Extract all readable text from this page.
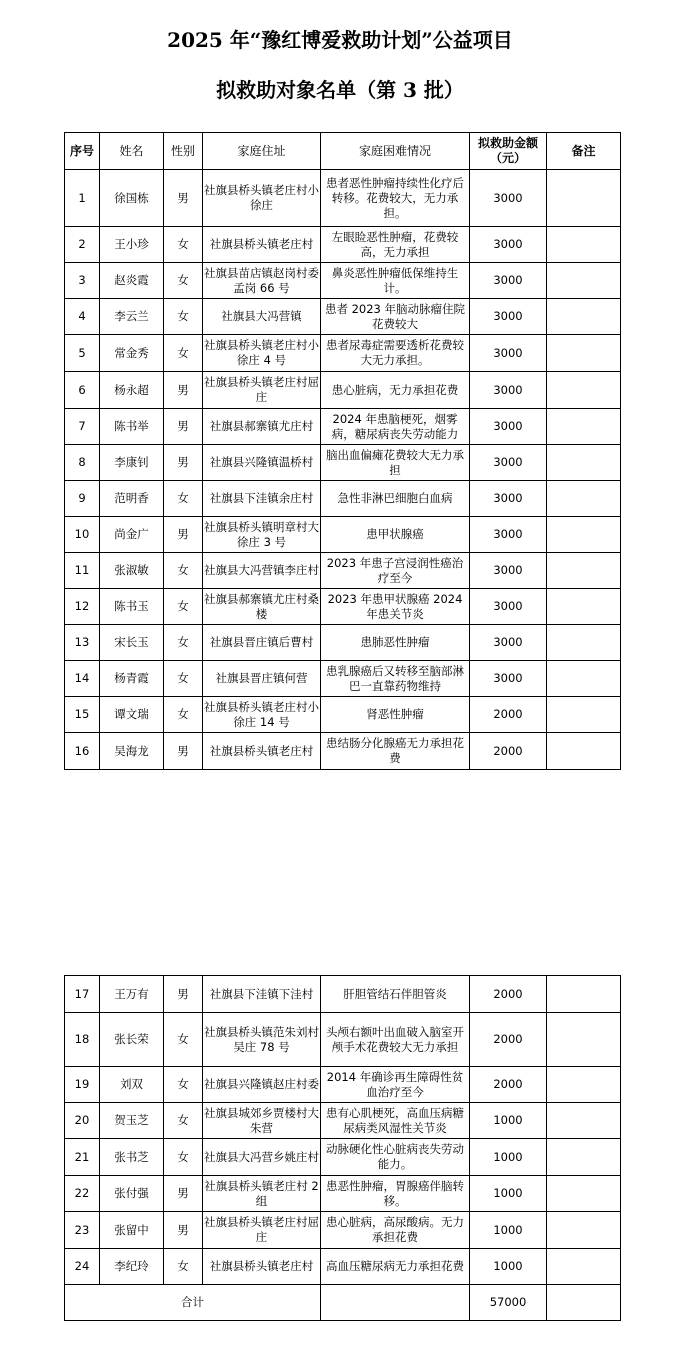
2025 年“豫红博爱救助计划”公益项目
拟救助对象名单（第 3 批）
序号	姓名	性别	家庭住址	家庭困难情况	拟救助金额（元）	备注
1	徐国栋	男	社旗县桥头镇老庄村小徐庄	患者恶性肿瘤持续性化疗后转移。花费较大，无力承担。	3000	
2	王小珍	女	社旗县桥头镇老庄村	左眼睑恶性肿瘤，花费较高，无力承担	3000	
3	赵炎霞	女	社旗县苗店镇赵岗村委孟岗 66 号	鼻炎恶性肿瘤低保维持生计。	3000	
4	李云兰	女	社旗县大冯营镇	患者 2023 年脑动脉瘤住院花费较大	3000	
5	常金秀	女	社旗县桥头镇老庄村小徐庄 4 号	患者尿毒症需要透析花费较大无力承担。	3000	
6	杨永超	男	社旗县桥头镇老庄村屈庄	患心脏病，无力承担花费	3000	
7	陈书举	男	社旗县郝寨镇尤庄村	2024 年患脑梗死，烟雾病，糖尿病丧失劳动能力	3000	
8	李康钊	男	社旗县兴隆镇温桥村	脑出血偏瘫花费较大无力承担	3000	
9	范明香	女	社旗县下洼镇余庄村	急性非淋巴细胞白血病	3000	
10	尚金广	男	社旗县桥头镇明章村大徐庄 3 号	患甲状腺癌	3000	
11	张淑敏	女	社旗县大冯营镇李庄村	2023 年患子宫浸润性癌治疗至今	3000	
12	陈书玉	女	社旗县郝寨镇尤庄村桑楼	2023 年患甲状腺癌 2024 年患关节炎	3000	
13	宋长玉	女	社旗县晋庄镇后曹村	患肺恶性肿瘤	3000	
14	杨青霞	女	社旗县晋庄镇何营	患乳腺癌后又转移至脑部淋巴一直靠药物维持	3000	
15	谭文瑞	女	社旗县桥头镇老庄村小徐庄 14 号	肾恶性肿瘤	2000	
16	吴海龙	男	社旗县桥头镇老庄村	患结肠分化腺癌无力承担花费	2000	
17	王万有	男	社旗县下洼镇下洼村	肝胆管结石伴胆管炎	2000	
18	张长荣	女	社旗县桥头镇范朱刘村吴庄 78 号	头颅右额叶出血破入脑室开颅手术花费较大无力承担	2000	
19	刘双	女	社旗县兴隆镇赵庄村委	2014 年确诊再生障碍性贫血治疗至今	2000	
20	贺玉芝	女	社旗县城郊乡贾楼村大朱营	患有心肌梗死，高血压病糖尿病类风湿性关节炎	1000	
21	张书芝	女	社旗县大冯营乡姚庄村	动脉硬化性心脏病丧失劳动能力。	1000	
22	张付强	男	社旗县桥头镇老庄村 2 组	患恶性肿瘤，胃腺癌伴脑转移。	1000	
23	张留中	男	社旗县桥头镇老庄村屈庄	患心脏病，高尿酸病。无力承担花费	1000	
24	李纪玲	女	社旗县桥头镇老庄村	高血压糖尿病无力承担花费	1000	
合计					57000	
